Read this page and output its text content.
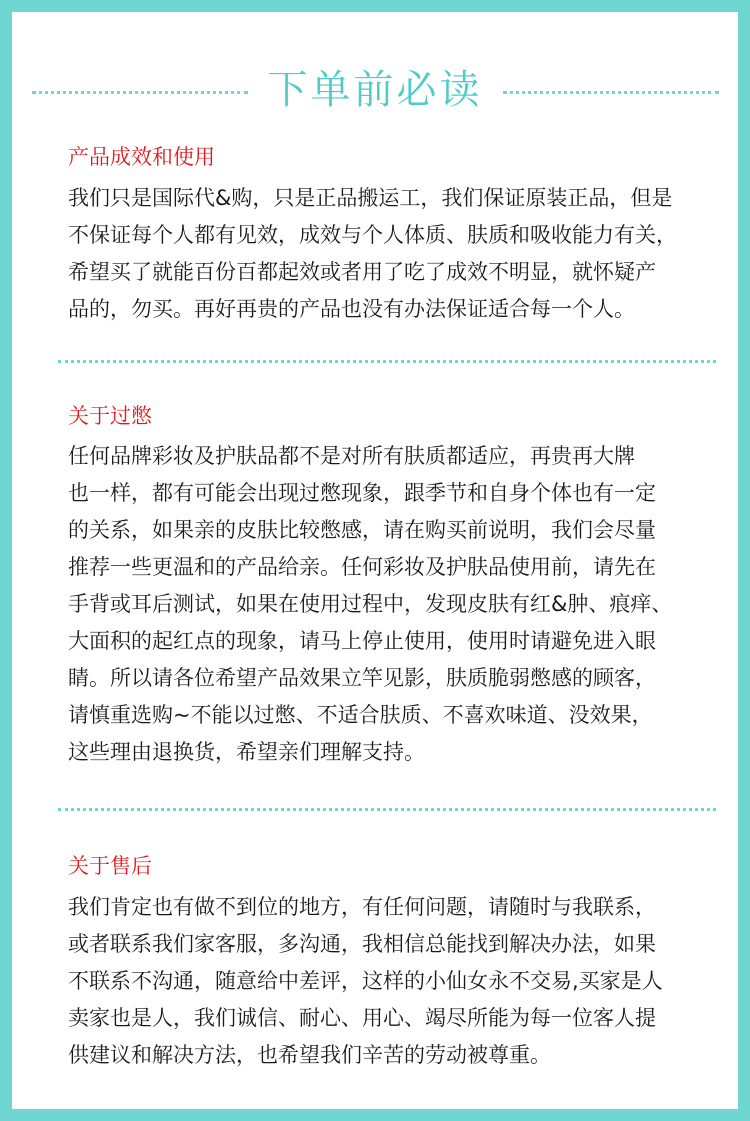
下单前必读
产品成效和使用
我们只是国际代&购，只是正品搬运工，我们保证原装正品，但是
不保证每个人都有见效，成效与个人体质、肤质和吸收能力有关，
希望买了就能百份百都起效或者用了吃了成效不明显，就怀疑产
品的，勿买。再好再贵的产品也没有办法保证适合每一个人。
关于过憋
任何品牌彩妆及护肤品都不是对所有肤质都适应，再贵再大牌
也一样，都有可能会出现过憋现象，跟季节和自身个体也有一定
的关系，如果亲的皮肤比较憋感，请在购买前说明，我们会尽量
推荐一些更温和的产品给亲。任何彩妆及护肤品使用前，请先在
手背或耳后测试，如果在使用过程中，发现皮肤有红&肿、痕痒、
大面积的起红点的现象，请马上停止使用，使用时请避免进入眼
睛。所以请各位希望产品效果立竿见影，肤质脆弱憋感的顾客，
请慎重选购~不能以过憋、不适合肤质、不喜欢味道、没效果，
这些理由退换货，希望亲们理解支持。
关于售后
我们肯定也有做不到位的地方，有任何问题，请随时与我联系，
或者联系我们家客服，多沟通，我相信总能找到解决办法，如果
不联系不沟通，随意给中差评，这样的小仙女永不交易,买家是人
卖家也是人，我们诚信、耐心、用心、竭尽所能为每一位客人提
供建议和解决方法，也希望我们辛苦的劳动被尊重。
